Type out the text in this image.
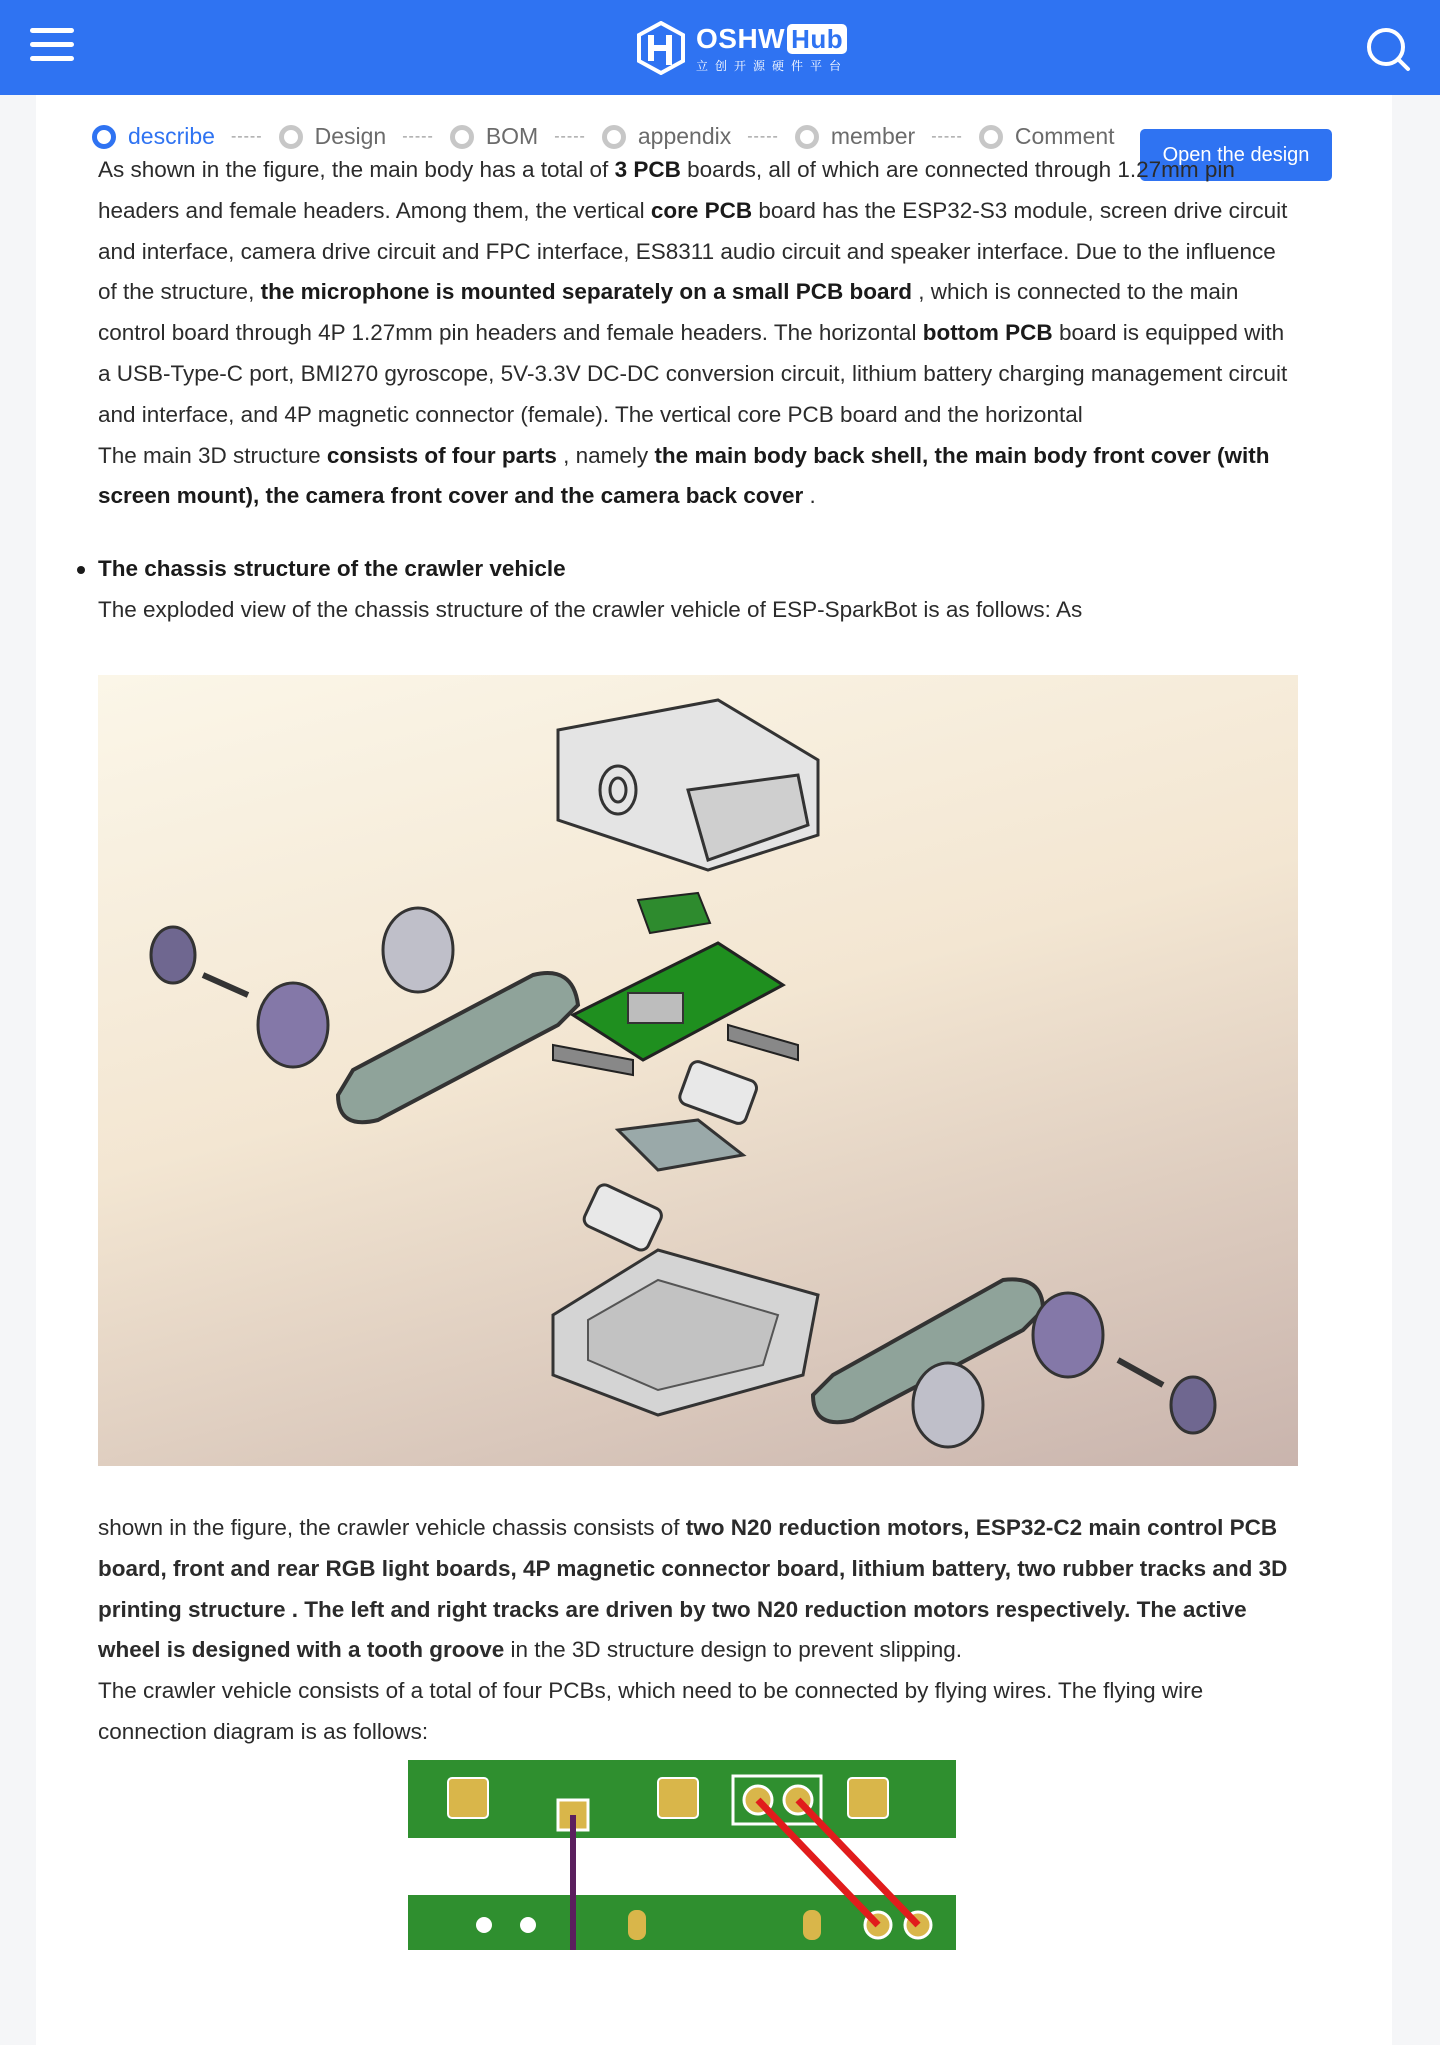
OSHW Hub
立创开源硬件平台
describe ----- Design ----- BOM ----- appendix ----- member ----- Comment
Open the design

As shown in the figure, the main body has a total of 3 PCB boards, all of which are connected through 1.27mm pin headers and female headers. Among them, the vertical core PCB board has the ESP32-S3 module, screen drive circuit and interface, camera drive circuit and FPC interface, ES8311 audio circuit and speaker interface. Due to the influence of the structure, the microphone is mounted separately on a small PCB board , which is connected to the main control board through 4P 1.27mm pin headers and female headers. The horizontal bottom PCB board is equipped with a USB-Type-C port, BMI270 gyroscope, 5V-3.3V DC-DC conversion circuit, lithium battery charging management circuit and interface, and 4P magnetic connector (female). The vertical core PCB board and the horizontal

The main 3D structure consists of four parts , namely the main body back shell, the main body front cover (with screen mount), the camera front cover and the camera back cover .

The chassis structure of the crawler vehicle

The exploded view of the chassis structure of the crawler vehicle of ESP-SparkBot is as follows: As

shown in the figure, the crawler vehicle chassis consists of two N20 reduction motors, ESP32-C2 main control PCB board, front and rear RGB light boards, 4P magnetic connector board, lithium battery, two rubber tracks and 3D printing structure . The left and right tracks are driven by two N20 reduction motors respectively. The active wheel is designed with a tooth groove in the 3D structure design to prevent slipping.

The crawler vehicle consists of a total of four PCBs, which need to be connected by flying wires. The flying wire connection diagram is as follows:
